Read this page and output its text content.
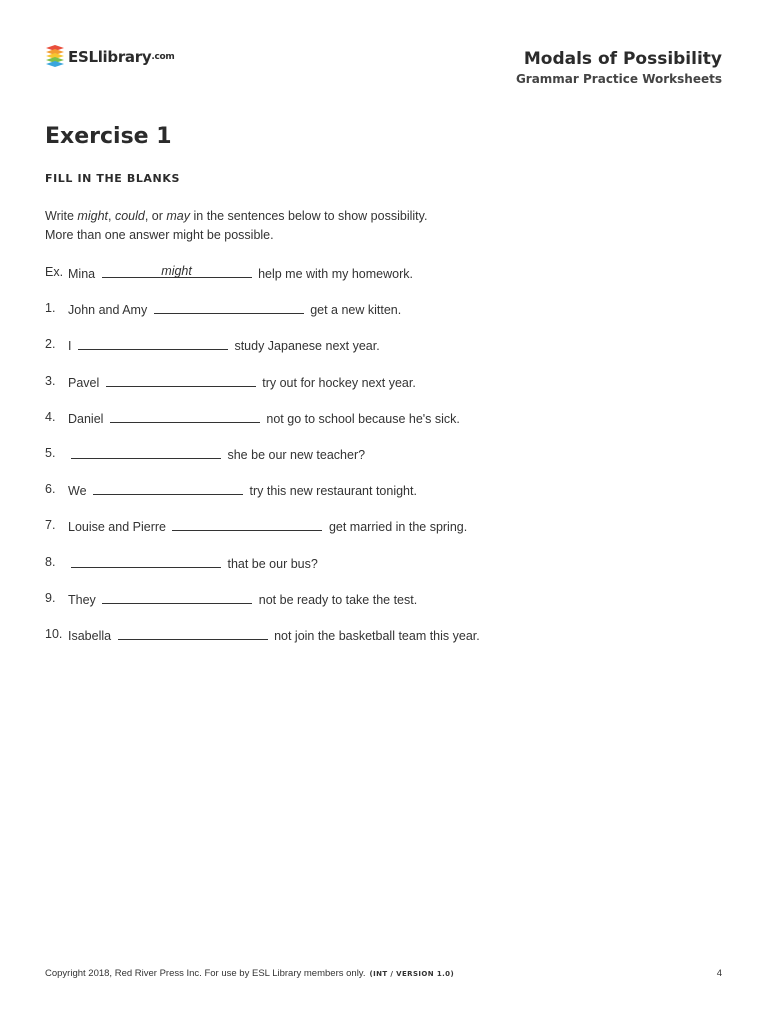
ESLlibrary .com	Modals of Possibility
Grammar Practice Worksheets
Exercise 1
FILL IN THE BLANKS
Write might, could, or may in the sentences below to show possibility.
More than one answer might be possible.
Ex. Mina	might	help me with my homework.
1.	John and Amy	get a new kitten.
2.	I	study Japanese next year.
3.	Pavel	try out for hockey next year.
4.	Daniel	not go to school because he's sick.
5.	she be our new teacher?
6.	We	try this new restaurant tonight.
7.	Louise and Pierre	get married in the spring.
8.	that be our bus?
9.	They	not be ready to take the test.
10. Isabella	not join the basketball team this year.
Copyright 2018, Red River Press Inc. For use by ESL Library members only. (INT / VERSION 1.0)	4
